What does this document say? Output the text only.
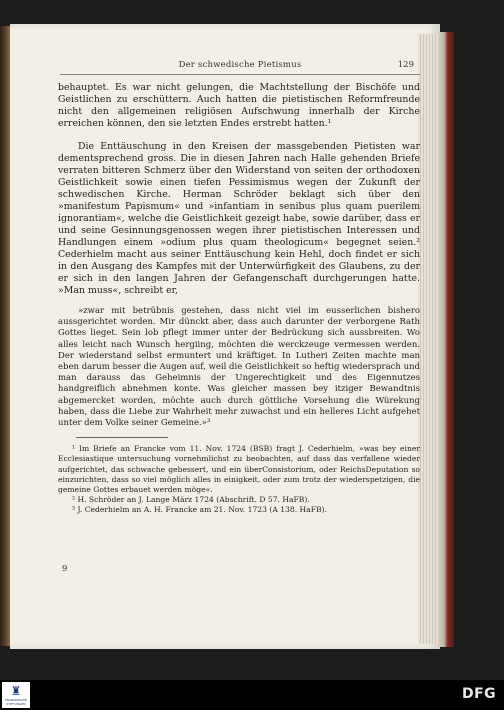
Der schwedische Pietismus	129

behauptet. Es war nicht gelungen, die Machtstellung der Bischöfe und Geistlichen zu erschüttern. Auch hatten die pietistischen Reformfreunde nicht den allgemeinen religiösen Aufschwung innerhalb der Kirche erreichen können, den sie letzten Endes erstrebt hatten.¹

Die Enttäuschung in den Kreisen der massgebenden Pietisten war dementsprechend gross. Die in diesen Jahren nach Halle gehenden Briefe verraten bitteren Schmerz über den Widerstand von seiten der orthodoxen Geistlichkeit sowie einen tiefen Pessimismus wegen der Zukunft der schwedischen Kirche. Herman Schröder beklagt sich über den »manifestum Papismum« und »infantiam in senibus plus quam puerilem ignorantiam«, welche die Geistlichkeit gezeigt habe, sowie darüber, dass er und seine Gesinnungsgenossen wegen ihrer pietistischen Interessen und Handlungen einem »odium plus quam theologicum« begegnet seien.² Cederhielm macht aus seiner Enttäuschung kein Hehl, doch findet er sich in den Ausgang des Kampfes mit der Unterwürfigkeit des Glaubens, zu der er sich in den langen Jahren der Gefangenschaft durchgerungen hatte. »Man muss«, schreibt er,

»zwar mit betrübnis gestehen, dass nicht viel im eusserlichen bishero aussgerichtet worden. Mir dünckt aber, dass auch darunter der verborgene Rath Gottes lieget. Sein lob pflegt immer unter der Bedrückung sich aussbreiten. Wo alles leicht nach Wunsch hergiing, möchten die werckzeuge vermessen werden. Der wiederstand selbst ermuntert und kräftiget. In Lutheri Zeiten machte man eben darum besser die Augen auf, weil die Geistlichkeit so heftig wiedersprach und man darauss das Geheimnis der Ungerechtigkeit und des Eigennutzes handgreiflich abnehmen konte. Was gleicher massen bey itziger Bewandtnis abgemercket worden, möchte auch durch göttliche Vorsehung die Würekung haben, dass die Liebe zur Wahrheit mehr zuwachst und ein helleres Licht aufgehet unter dem Volke seiner Gemeine.»³

¹ Im Briefe an Francke vom 11. Nov. 1724 (BSB) fragt J. Cederhielm, »was bey einer Ecclesiastique untersuchung vornehmlichst zu beobachten, auf dass das verfallene wieder aufgerichtet, das schwache gebessert, und ein überConsistorium, oder ReichsDeputation so einzurichten, dass so viel möglich alles in einigkeit, oder zum trotz der wiederspetzigen, die gemeine Gottes erbauet werden möge«.

² H. Schröder an J. Lange März 1724 (Abschrift. D 57. HaFB).

³ J. Cederhielm an A. H. Francke am 21. Nov. 1723 (A 138. HaFB).

9
♜
FRANCKESCHE STIFTUNGEN
DFG
